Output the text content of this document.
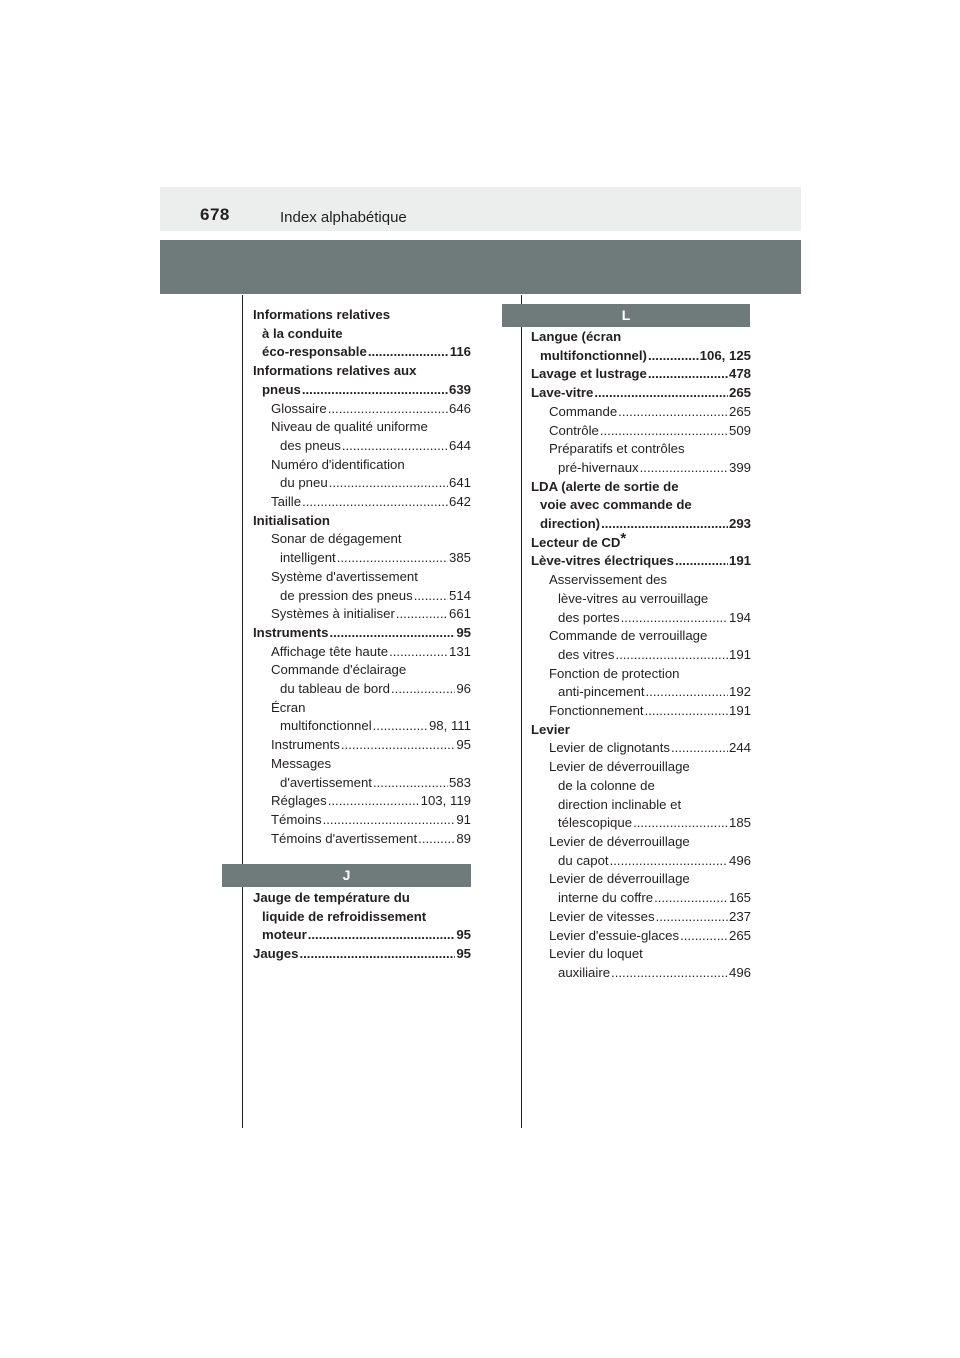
678	Index alphabétique
L
J
Informations relatives
à la conduite
éco-responsable .....	116
Informations relatives aux
pneus .....	639
Glossaire .....	646
Niveau de qualité uniforme
des pneus .....	644
Numéro d'identification
du pneu .....	641
Taille .....	642
Initialisation
Sonar de dégagement
intelligent .....	385
Système d'avertissement
de pression des pneus .....	514
Systèmes à initialiser .....	661
Instruments .....	95
Affichage tête haute .....	131
Commande d'éclairage
du tableau de bord .....	96
Écran
multifonctionnel .....	98, 111
Instruments .....	95
Messages
d'avertissement .....	583
Réglages .....	103, 119
Témoins .....	91
Témoins d'avertissement .....	89
Jauge de température du
liquide de refroidissement
moteur .....	95
Jauges .....	95
Langue (écran
multifonctionnel) .....	106, 125
Lavage et lustrage .....	478
Lave-vitre .....	265
Commande .....	265
Contrôle .....	509
Préparatifs et contrôles
pré-hivernaux .....	399
LDA (alerte de sortie de
voie avec commande de
direction) .....	293
Lecteur de CD*
Lève-vitres électriques .....	191
Asservissement des
lève-vitres au verrouillage
des portes .....	194
Commande de verrouillage
des vitres .....	191
Fonction de protection
anti-pincement .....	192
Fonctionnement .....	191
Levier
Levier de clignotants .....	244
Levier de déverrouillage
de la colonne de
direction inclinable et
télescopique .....	185
Levier de déverrouillage
du capot .....	496
Levier de déverrouillage
interne du coffre .....	165
Levier de vitesses .....	237
Levier d'essuie-glaces .....	265
Levier du loquet
auxiliaire .....	496
